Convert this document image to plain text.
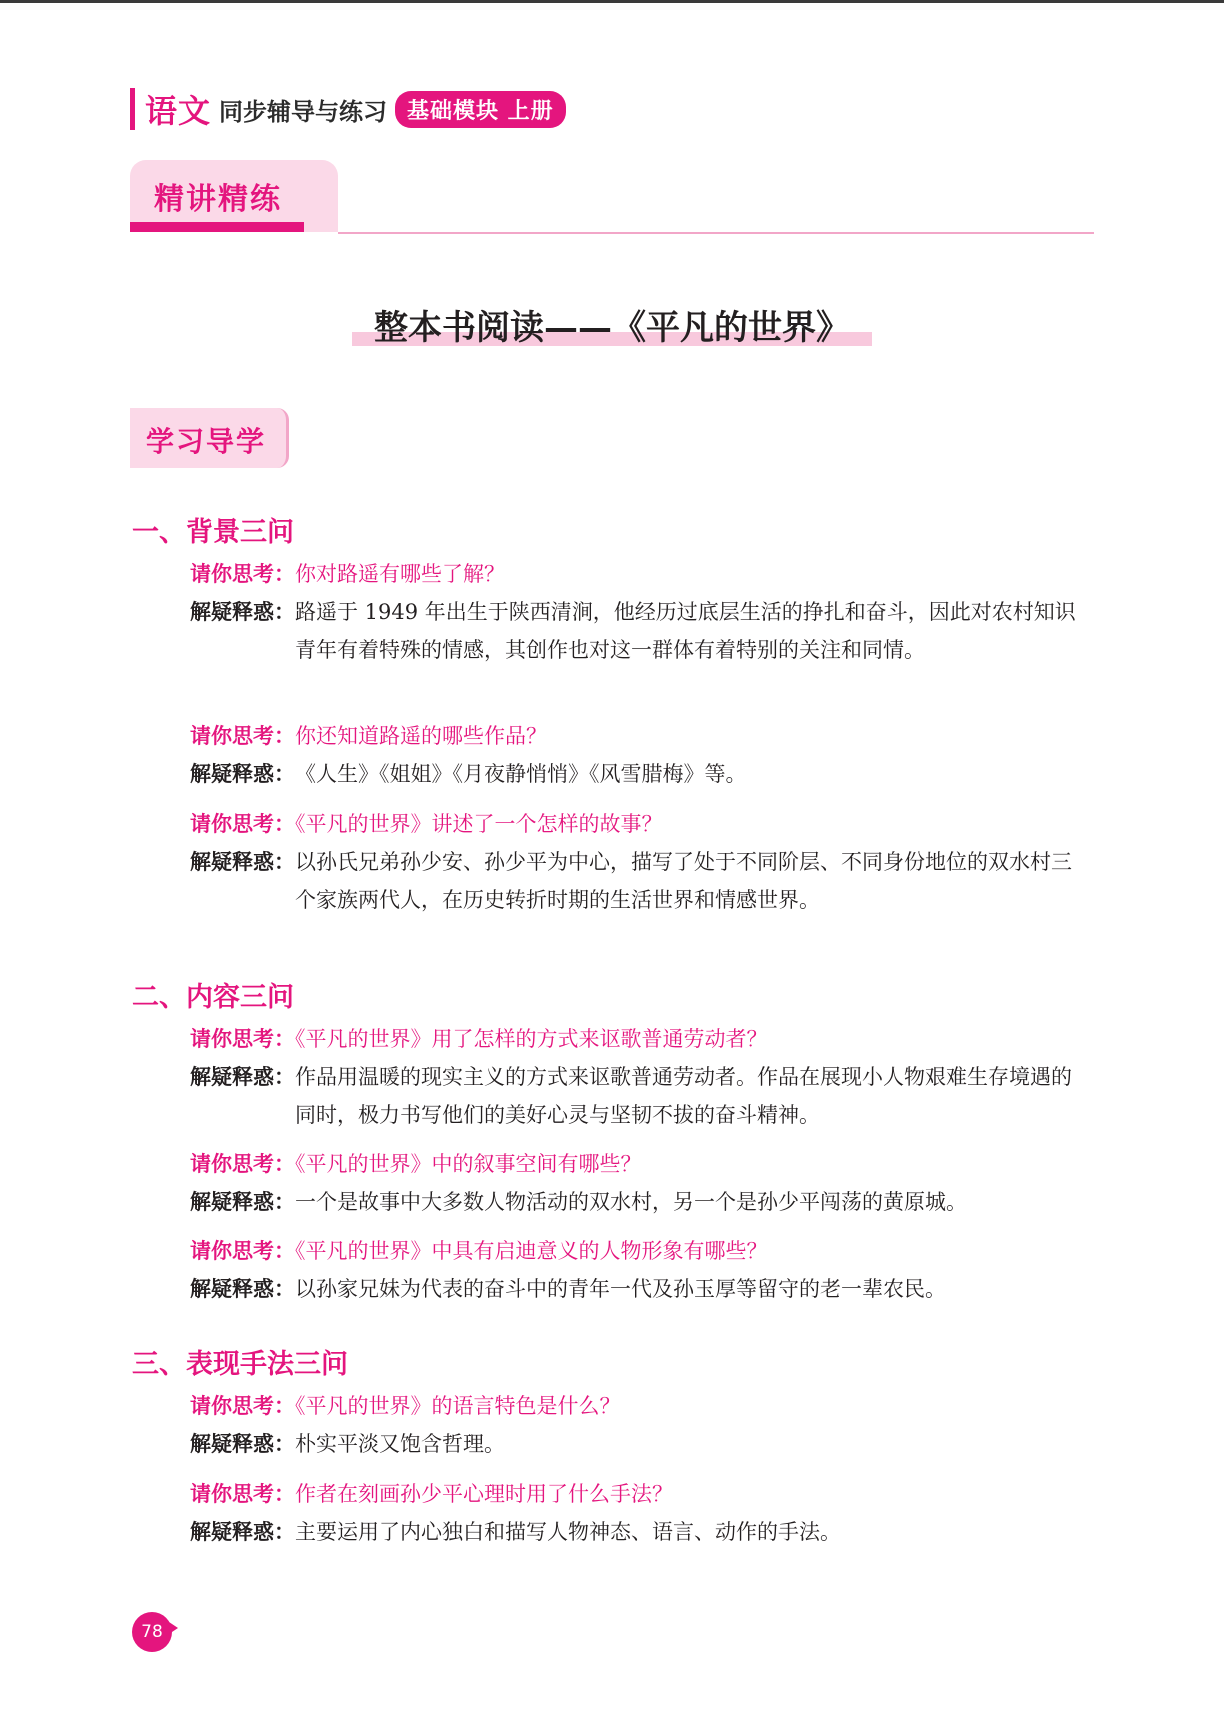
语文 同步辅导与练习 基础模块 上册
精讲精练
整本书阅读——《平凡的世界》
学习导学
一、背景三问
请你思考：你对路遥有哪些了解？
解疑释惑： 路遥于 1949 年出生于陕西清涧，他经历过底层生活的挣扎和奋斗，因此对农村知识青年有着特殊的情感，其创作也对这一群体有着特别的关注和同情。
请你思考：你还知道路遥的哪些作品？
解疑释惑： 《人生》《姐姐》《月夜静悄悄》《风雪腊梅》等。
请你思考：《平凡的世界》讲述了一个怎样的故事？
解疑释惑： 以孙氏兄弟孙少安、孙少平为中心，描写了处于不同阶层、不同身份地位的双水村三个家族两代人，在历史转折时期的生活世界和情感世界。
二、内容三问
请你思考：《平凡的世界》用了怎样的方式来讴歌普通劳动者？
解疑释惑： 作品用温暖的现实主义的方式来讴歌普通劳动者。作品在展现小人物艰难生存境遇的同时，极力书写他们的美好心灵与坚韧不拔的奋斗精神。
请你思考：《平凡的世界》中的叙事空间有哪些？
解疑释惑： 一个是故事中大多数人物活动的双水村，另一个是孙少平闯荡的黄原城。
请你思考：《平凡的世界》中具有启迪意义的人物形象有哪些？
解疑释惑： 以孙家兄妹为代表的奋斗中的青年一代及孙玉厚等留守的老一辈农民。
三、表现手法三问
请你思考：《平凡的世界》的语言特色是什么？
解疑释惑： 朴实平淡又饱含哲理。
请你思考：作者在刻画孙少平心理时用了什么手法？
解疑释惑： 主要运用了内心独白和描写人物神态、语言、动作的手法。
78
